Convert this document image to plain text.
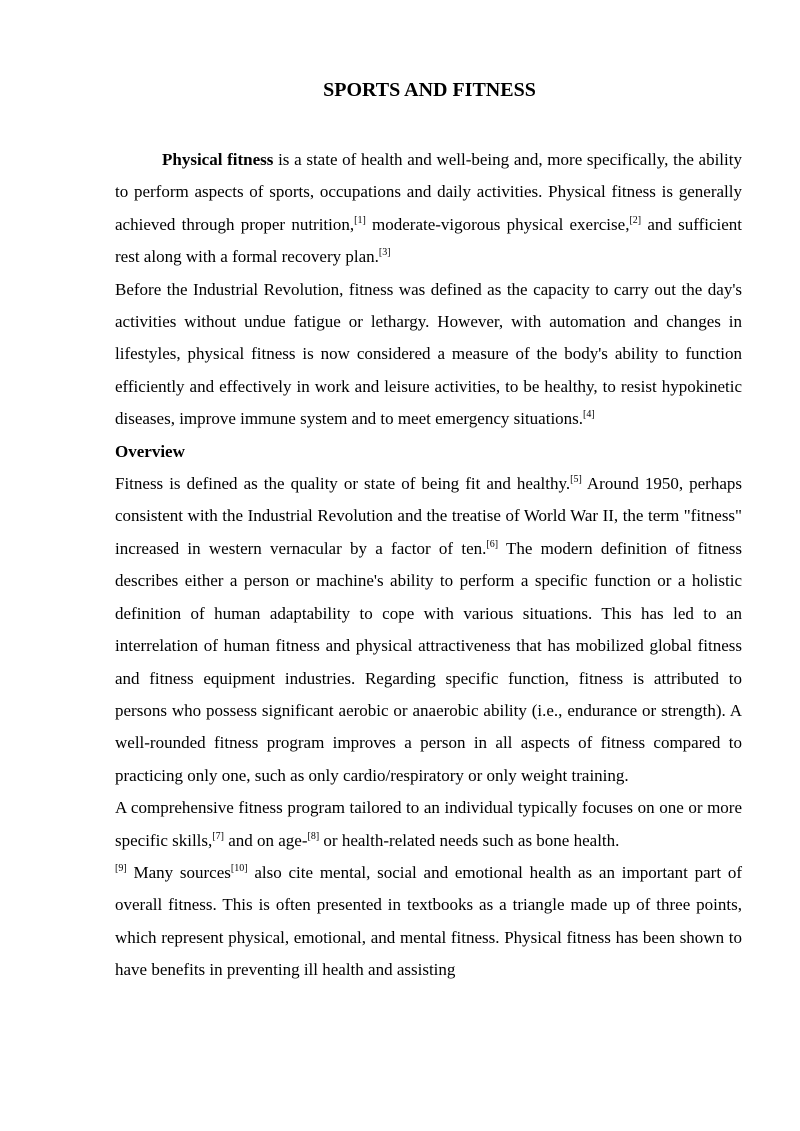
SPORTS AND FITNESS

Physical fitness is a state of health and well-being and, more specifically, the ability to perform aspects of sports, occupations and daily activities. Physical fitness is generally achieved through proper nutrition,[1] moderate-vigorous physical exercise,[2] and sufficient rest along with a formal recovery plan.[3]

Before the Industrial Revolution, fitness was defined as the capacity to carry out the day's activities without undue fatigue or lethargy. However, with automation and changes in lifestyles, physical fitness is now considered a measure of the body's ability to function efficiently and effectively in work and leisure activities, to be healthy, to resist hypokinetic diseases, improve immune system and to meet emergency situations.[4]

Overview

Fitness is defined as the quality or state of being fit and healthy.[5] Around 1950, perhaps consistent with the Industrial Revolution and the treatise of World War II, the term "fitness" increased in western vernacular by a factor of ten.[6] The modern definition of fitness describes either a person or machine's ability to perform a specific function or a holistic definition of human adaptability to cope with various situations. This has led to an interrelation of human fitness and physical attractiveness that has mobilized global fitness and fitness equipment industries. Regarding specific function, fitness is attributed to persons who possess significant aerobic or anaerobic ability (i.e., endurance or strength). A well-rounded fitness program improves a person in all aspects of fitness compared to practicing only one, such as only cardio/respiratory or only weight training.

A comprehensive fitness program tailored to an individual typically focuses on one or more specific skills,[7] and on age-[8] or health-related needs such as bone health.
[9] Many sources[10] also cite mental, social and emotional health as an important part of overall fitness. This is often presented in textbooks as a triangle made up of three points, which represent physical, emotional, and mental fitness. Physical fitness has been shown to have benefits in preventing ill health and assisting
